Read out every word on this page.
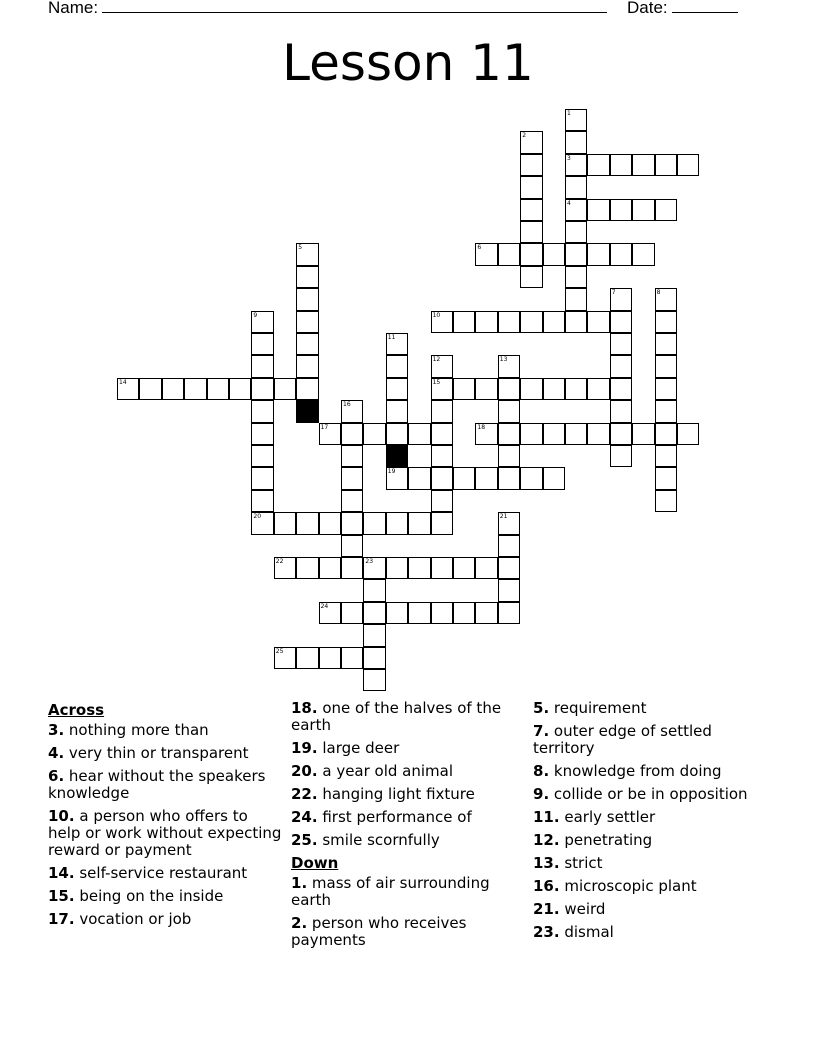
Name:	Date:
Lesson 11
1
3
4
2
5	6
7	8
9	10
11
12
15
13
14
16
17	18
19
20	21
22	23
24
25
Across
3. nothing more than
4. very thin or transparent
6. hear without the speakers knowledge
10. a person who offers to help or work without expecting reward or payment
14. self-service restaurant
15. being on the inside
17. vocation or job
18. one of the halves of the earth
19. large deer
20. a year old animal
22. hanging light fixture
24. first performance of
25. smile scornfully
Down
1. mass of air surrounding earth
2. person who receives payments
5. requirement
7. outer edge of settled territory
8. knowledge from doing
9. collide or be in opposition
11. early settler
12. penetrating
13. strict
16. microscopic plant
21. weird
23. dismal
